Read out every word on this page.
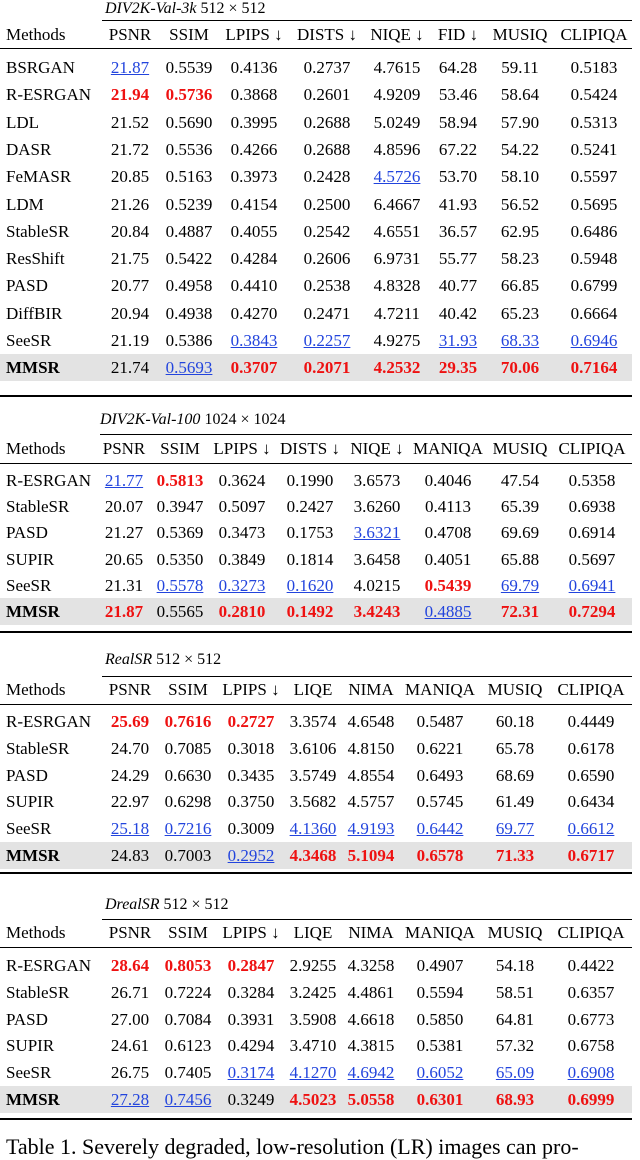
DIV2K-Val-3k 512 × 512
Methods	PSNR	SSIM LPIPS ↓ DISTS ↓ NIQE ↓ FID ↓ MUSIQ CLIPIQA
BSRGAN	21.87 0.5539	0.4136	0.2737	4.7615	64.28	59.11	0.5183
R-ESRGAN	21.94 0.5736	0.3868	0.2601	4.9209	53.46	58.64	0.5424
LDL	21.52 0.5690	0.3995	0.2688	5.0249	58.94	57.90	0.5313
DASR	21.72 0.5536	0.4266	0.2688	4.8596	67.22	54.22	0.5241
FeMASR	20.85 0.5163	0.3973	0.2428	4.5726	53.70	58.10	0.5597
LDM	21.26 0.5239	0.4154	0.2500	6.4667	41.93	56.52	0.5695
StableSR	20.84 0.4887	0.4055	0.2542	4.6551	36.57	62.95	0.6486
ResShift	21.75 0.5422	0.4284	0.2606	6.9731	55.77	58.23	0.5948
PASD	20.77 0.4958	0.4410	0.2538	4.8328	40.77	66.85	0.6799
DiffBIR	20.94 0.4938	0.4270	0.2471	4.7211	40.42	65.23	0.6664
SeeSR	21.19 0.5386	0.3843	0.2257	4.9275	31.93	68.33	0.6946
MMSR	21.74 0.5693	0.3707	0.2071	4.2532	29.35	70.06	0.7164
DIV2K-Val-100 1024 × 1024
Methods	PSNR SSIM LPIPS ↓ DISTS ↓ NIQE ↓ MANIQA MUSIQ CLIPIQA
R-ESRGAN 21.77 0.5813 0.3624	0.1990	3.6573	0.4046	47.54	0.5358
StableSR	20.07 0.3947 0.5097	0.2427	3.6260	0.4113	65.39	0.6938
PASD	21.27 0.5369 0.3473	0.1753	3.6321	0.4708	69.69	0.6914
SUPIR	20.65 0.5350 0.3849	0.1814	3.6458	0.4051	65.88	0.5697
SeeSR	21.31 0.5578 0.3273	0.1620	4.0215	0.5439	69.79	0.6941
MMSR	21.87 0.5565 0.2810	0.1492	3.4243	0.4885	72.31	0.7294
RealSR 512 × 512
Methods	PSNR SSIM LPIPS ↓ LIQE NIMA MANIQA MUSIQ CLIPIQA
R-ESRGAN	25.69 0.7616 0.2727 3.3574 4.6548	0.5487	60.18	0.4449
StableSR	24.70 0.7085 0.3018 3.6106 4.8150	0.6221	65.78	0.6178
PASD	24.29 0.6630 0.3435 3.5749 4.8554	0.6493	68.69	0.6590
SUPIR	22.97 0.6298 0.3750 3.5682 4.5757	0.5745	61.49	0.6434
SeeSR	25.18 0.7216 0.3009 4.1360 4.9193	0.6442	69.77	0.6612
MMSR	24.83 0.7003 0.2952 4.3468 5.1094	0.6578	71.33	0.6717
DrealSR 512 × 512
Methods	PSNR SSIM LPIPS ↓ LIQE NIMA MANIQA MUSIQ CLIPIQA
R-ESRGAN	28.64 0.8053 0.2847 2.9255 4.3258	0.4907	54.18	0.4422
StableSR	26.71 0.7224 0.3284 3.2425 4.4861	0.5594	58.51	0.6357
PASD	27.00 0.7084 0.3931 3.5908 4.6618	0.5850	64.81	0.6773
SUPIR	24.61 0.6123 0.4294 3.4710 4.3815	0.5381	57.32	0.6758
SeeSR	26.75 0.7405 0.3174 4.1270 4.6942	0.6052	65.09	0.6908
MMSR	27.28 0.7456 0.3249 4.5023 5.0558	0.6301	68.93	0.6999
Table 1. Severely degraded, low-resolution (LR) images can pro-
